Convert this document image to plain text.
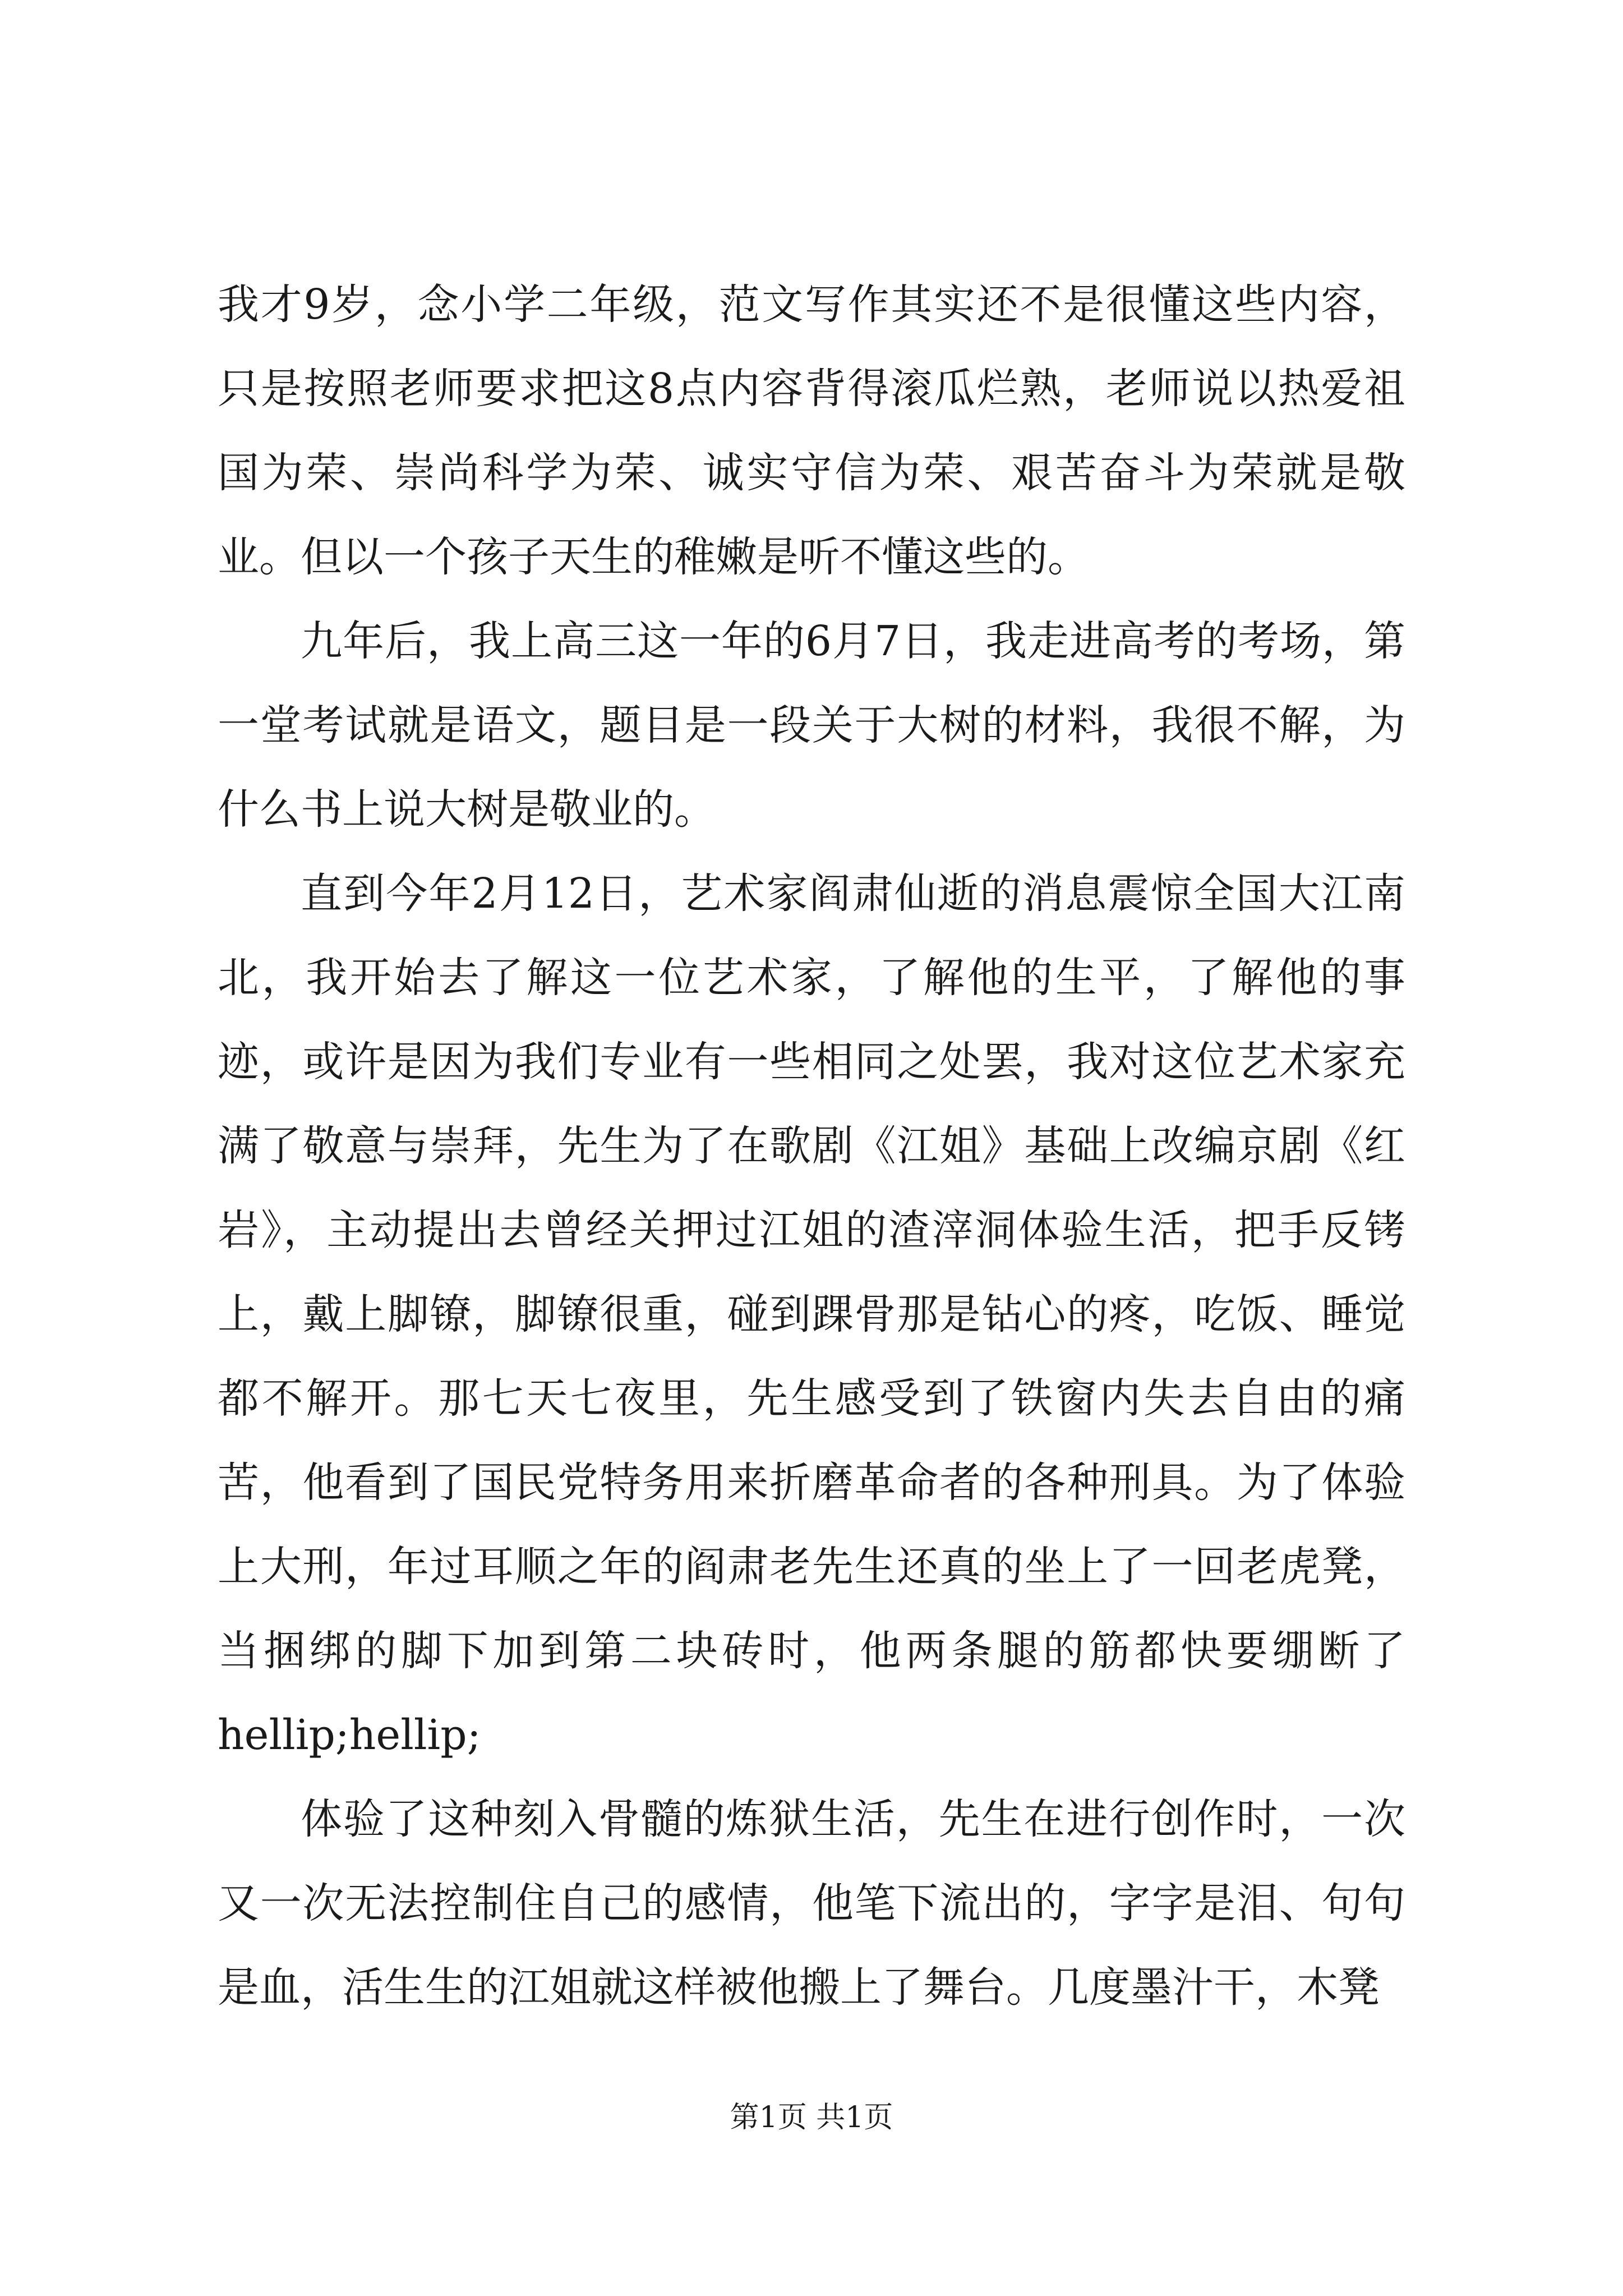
我才9岁，念小学二年级，范文写作其实还不是很懂这些内容，只是按照老师要求把这8点内容背得滚瓜烂熟，老师说以热爱祖国为荣、崇尚科学为荣、诚实守信为荣、艰苦奋斗为荣就是敬业。但以一个孩子天生的稚嫩是听不懂这些的。

九年后，我上高三这一年的6月7日，我走进高考的考场，第一堂考试就是语文，题目是一段关于大树的材料，我很不解，为什么书上说大树是敬业的。

直到今年2月12日，艺术家阎肃仙逝的消息震惊全国大江南北，我开始去了解这一位艺术家，了解他的生平，了解他的事迹，或许是因为我们专业有一些相同之处罢，我对这位艺术家充满了敬意与崇拜，先生为了在歌剧《江姐》基础上改编京剧《红岩》，主动提出去曾经关押过江姐的渣滓洞体验生活，把手反铐上，戴上脚镣，脚镣很重，碰到踝骨那是钻心的疼，吃饭、睡觉都不解开。那七天七夜里，先生感受到了铁窗内失去自由的痛苦，他看到了国民党特务用来折磨革命者的各种刑具。为了体验上大刑，年过耳顺之年的阎肃老先生还真的坐上了一回老虎凳，当捆绑的脚下加到第二块砖时，他两条腿的筋都快要绷断了hellip;hellip;

体验了这种刻入骨髓的炼狱生活，先生在进行创作时，一次又一次无法控制住自己的感情，他笔下流出的，字字是泪、句句是血，活生生的江姐就这样被他搬上了舞台。几度墨汁干，木凳

第1页 共1页
